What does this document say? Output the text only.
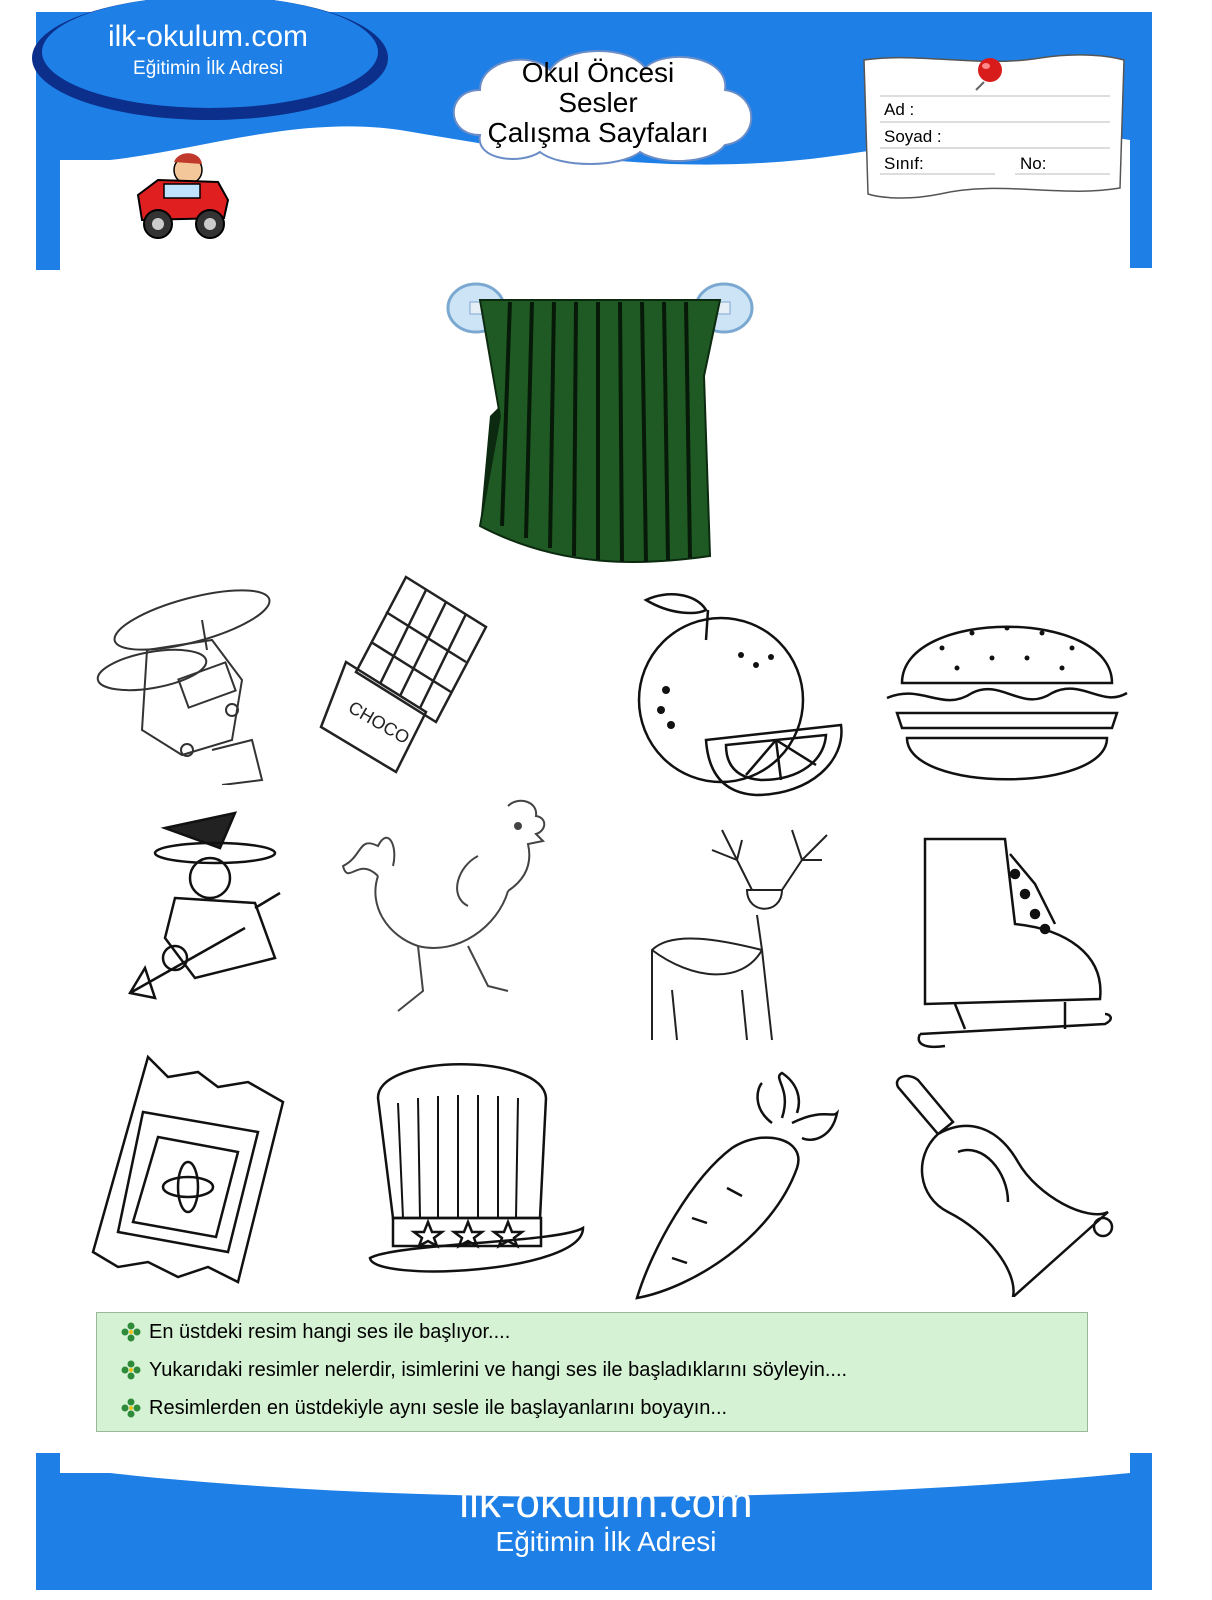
ilk-okulum.com
Eğitimin İlk Adresi	Okul Öncesi
Sesler
Çalışma Sayfaları
Ad :
Soyad :
Sınıf:	No:
CHOCO
En üstdeki resim hangi ses ile başlıyor....
Yukarıdaki resimler nelerdir, isimlerini ve hangi ses ile başladıklarını söyleyin....
Resimlerden en üstdekiyle aynı sesle ile başlayanlarını boyayın...
ilk-okulum.com
Eğitimin İlk Adresi
